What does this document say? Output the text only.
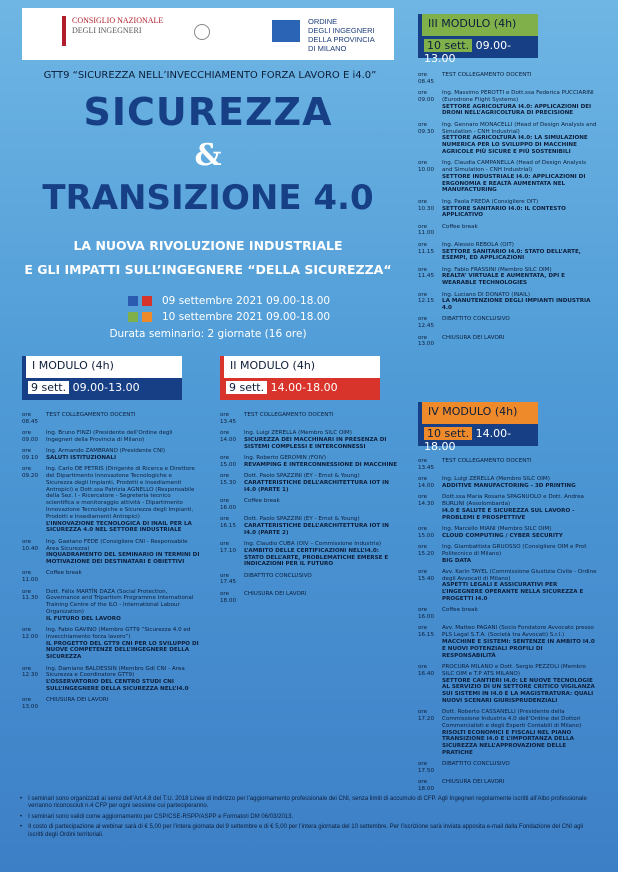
CONSIGLIO NAZIONALE
DEGLI INGEGNERI
ORDINE
DEGLI INGEGNERI
DELLA PROVINCIA
DI MILANO
GTT9 “SICUREZZA NELL’INVECCHIAMENTO FORZA LAVORO E i4.0”
SICUREZZA
&
TRANSIZIONE 4.0
LA NUOVA RIVOLUZIONE INDUSTRIALE
E GLI IMPATTI SULL’INGEGNERE “DELLA SICUREZZA“
09 settembre 2021 09.00-18.00
10 settembre 2021 09.00-18.00
Durata seminario: 2 giornate (16 ore)
I MODULO (4h)
9 sett. 09.00-13.00
ore 08.45
TEST COLLEGAMENTO DOCENTI
ore 09.00
Ing. Bruno FINZI (Presidente dell’Ordine degli Ingegneri della Provincia di Milano)
ore 09.10
Ing. Armando ZAMBRANO (Presidente CNI)
SALUTI ISTITUZIONALI
ore 09.20
Ing. Carlo DE PETRIS (Dirigente di Ricerca e Direttore del Dipartimento Innovazione Tecnologiche e Sicurezza degli Impianti, Prodotti e Insediamenti Antropici) e Dott.ssa Patrizia AGNELLO (Responsabile della Sez. I - Ricercatore - Segreteria tecnico scientifica e monitoraggio attività - Dipartimento Innovazione Tecnologiche e Sicurezza degli Impianti, Prodotti e Insediamenti Antropici)
L’INNOVAZIONE TECNOLOGICA DI INAIL PER LA SICUREZZA 4.0 NEL SETTORE INDUSTRIALE
ore 10.40
Ing. Gaetano FEDE (Consigliere CNI - Responsabile Area Sicurezza)
INQUADRAMENTO DEL SEMINARIO IN TERMINI DI MOTIVAZIONE DEI DESTINATARI E OBIETTIVI
ore 11.00
Coffee break
ore 11.30
Dott. Félix MARTÍN DAZA (Social Protection, Governance and Tripartism Programme International Training Centre of the ILO - International Labour Organization)
IL FUTURO DEL LAVORO
ore 12.00
Ing. Fabio GAVINO (Membro GTT9 “Sicurezza 4.0 ed invecchiamento forza lavoro”)
IL PROGETTO DEL GTT9 CNI PER LO SVILUPPO DI NUOVE COMPETENZE DELL’INGEGNERE DELLA SICUREZZA
ore 12.30
Ing. Damiano BALDESSIN (Membro Gdl CNI - Area Sicurezza e Coordinatore GTT9)
L’OSSERVATORIO DEL CENTRO STUDI CNI SULL’INGEGNERE DELLA SICUREZZA NELL’I4.0
ore 13.00
CHIUSURA DEI LAVORI
II MODULO (4h)
9 sett. 14.00-18.00
ore 13.45
TEST COLLEGAMENTO DOCENTI
ore 14.00
Ing. Luigi ZERELLA (Membro SILC OIM)
SICUREZZA DEI MACCHINARI IN PRESENZA DI SISTEMI COMPLESSI E INTERCONNESSI
ore 15.00
Ing. Roberto GEROMIN (FOIV)
REVAMPING E INTERCONNESSIONE DI MACCHINE
ore 15.30
Dott. Paolo SPAZZINI (EY - Ernst & Young)
CARATTERISTICHE DELL’ARCHITETTURA IOT IN I4.0 (PARTE 1)
ore 16.00
Coffee break
ore 16.15
Dott. Paolo SPAZZINI (EY - Ernst & Young)
CARATTERISTICHE DELL’ARCHITETTURA IOT IN I4.0 (PARTE 2)
ore 17.10
Ing. Claudio CUBA (OIV – Commissione Industria)
L’AMBITO DELLE CERTIFICAZIONI NELL’I4.0: STATO DELL’ARTE, PROBLEMATICHE EMERSE E INDICAZIONI PER IL FUTURO
ore 17.45
DIBATTITO CONCLUSIVO
ore 18.00
CHIUSURA DEI LAVORI
III MODULO (4h)
10 sett. 09.00-13.00
ore 08.45
TEST COLLEGAMENTO DOCENTI
ore 09.00
Ing. Massimo PEROTTI e Dott.ssa Federica PUCCIARINI (Eurodrone Flight Systems)
SETTORE AGRICOLTURA I4.0: APPLICAZIONI DEI DRONI NELL’AGRICOLTURA DI PRECISIONE
ore 09.30
Ing. Gennaro MONACELLI (Head of Design Analysis and Simulation - CNH Industrial)
SETTORE AGRICOLTURA I4.0: LA SIMULAZIONE NUMERICA PER LO SVILUPPO DI MACCHINE AGRICOLE PIÙ SICURE E PIÙ SOSTENIBILI
ore 10.00
Ing. Claudia CAMPANELLA (Head of Design Analysis and Simulation - CNH Industrial)
SETTORE INDUSTRIALE I4.0: APPLICAZIONI DI ERGONOMIA E REALTÀ AUMENTATA NEL MANUFACTURING
ore 10.30
Ing. Paola FREDA (Consigliere OIT)
SETTORE SANITARIO I4.0: IL CONTESTO APPLICATIVO
ore 11.00
Coffee break
ore 11.15
Ing. Alessio REBOLA (OIT)
SETTORE SANITARIO I4.0: STATO DELL’ARTE, ESEMPI, ED APPLICAZIONI
ore 11.45
Ing. Fabio FRASSINI (Membro SILC OIM)
REALTA’ VIRTUALE E AUMENTATA, DPI E WEARABLE TECHNOLOGIES
ore 12.15
Ing. Luciano DI DONATO (INAIL)
LA MANUTENZIONE DEGLI IMPIANTI INDUSTRIA 4.0
ore 12.45
DIBATTITO CONCLUSIVO
ore 13.00
CHIUSURA DEI LAVORI
IV MODULO (4h)
10 sett. 14.00-18.00
ore 13.45
TEST COLLEGAMENTO DOCENTI
ore 14.00
Ing. Luigi ZERELLA (Membro SILC OIM)
ADDITIVE MANUFACTORING - 3D PRINTING
ore 14.30
Dott.ssa Maria Rosaria SPAGNUOLO e Dott. Andrea BURLINI (Assolombarda)
I4.0 E SALUTE E SICUREZZA SUL LAVORO - PROBLEMI E PROSPETTIVE
ore 15.00
Ing. Marcello MIANI (Membro SILC OIM)
CLOUD COMPUTING / CYBER SECURITY
ore 15.20
Ing. Giambattista GRUOSSO (Consigliere OIM e Prof. Politecnico di Milano)
BIG DATA
ore 15.40
Avv. Karin TAYEL (Commissione Giustizia Civile - Ordine degli Avvocati di Milano)
ASPETTI LEGALI E ASSICURATIVI PER L’INGEGNERE OPERANTE NELLA SICUREZZA E PROGETTI I4.0
ore 16.00
Coffee break
ore 16.15
Avv. Matteo PAGANI (Socio Fondatore Avvocato presso PLS Legal S.T.A. (Società tra Avvocati) S.r.l.)
MACCHINE E SISTEMI: SENTENZE IN AMBITO I4.0 E NUOVI POTENZIALI PROFILI DI RESPONSABILITÀ
ore 16.40
PROCURA MILANO e Dott. Sergio PEZZOLI (Membro SILC OIM e T.P ATS MILANO)
SETTORE CANTIERI I4.0: LE NUOVE TECNOLOGIE AL SERVIZIO DI UN SETTORE CRITICO VIGILANZA SUI SISTEMI IN I4.0 E LA MAGISTRATURA: QUALI NUOVI SCENARI GIURISPRUDENZIALI
ore 17.20
Dott. Roberto CASSANELLI (Presidente della Commissione Industria 4.0 dell’Ordine dei Dottori Commercialisti e degli Esperti Contabili di Milano)
RISOLTI ECONOMICI E FISCALI NEL PIANO TRANSIZIONE I4.0 E L’IMPORTANZA DELLA SICUREZZA NELL’APPROVAZIONE DELLE PRATICHE
ore 17.50
DIBATTITO CONCLUSIVO
ore 18.00
CHIUSURA DEI LAVORI
• I seminari sono organizzati ai sensi dell’Art.4.8 del T.U. 2018 Linee di Indirizzo per l’aggiornamento professionale dei CNI, senza limiti di accumulo di CFP. Agli Ingegneri regolarmente iscritti all’Albo professionale verranno riconosciuti n.4 CFP per ogni sessione cui parteciperanno.
• I seminari sono validi come aggiornamento per CSP/CSE-RSPP/ASPP e Formatori DM 06/03/2013.
• Il costo di partecipazione al webinar sarà di € 5,00 per l’intera giornata del 9 settembre e di € 5,00 per l’intera giornata del 10 settembre. Per l’iscrizione sarà inviata apposita e-mail dalla Fondazione del CNI agli iscritti degli Ordini territoriali.
